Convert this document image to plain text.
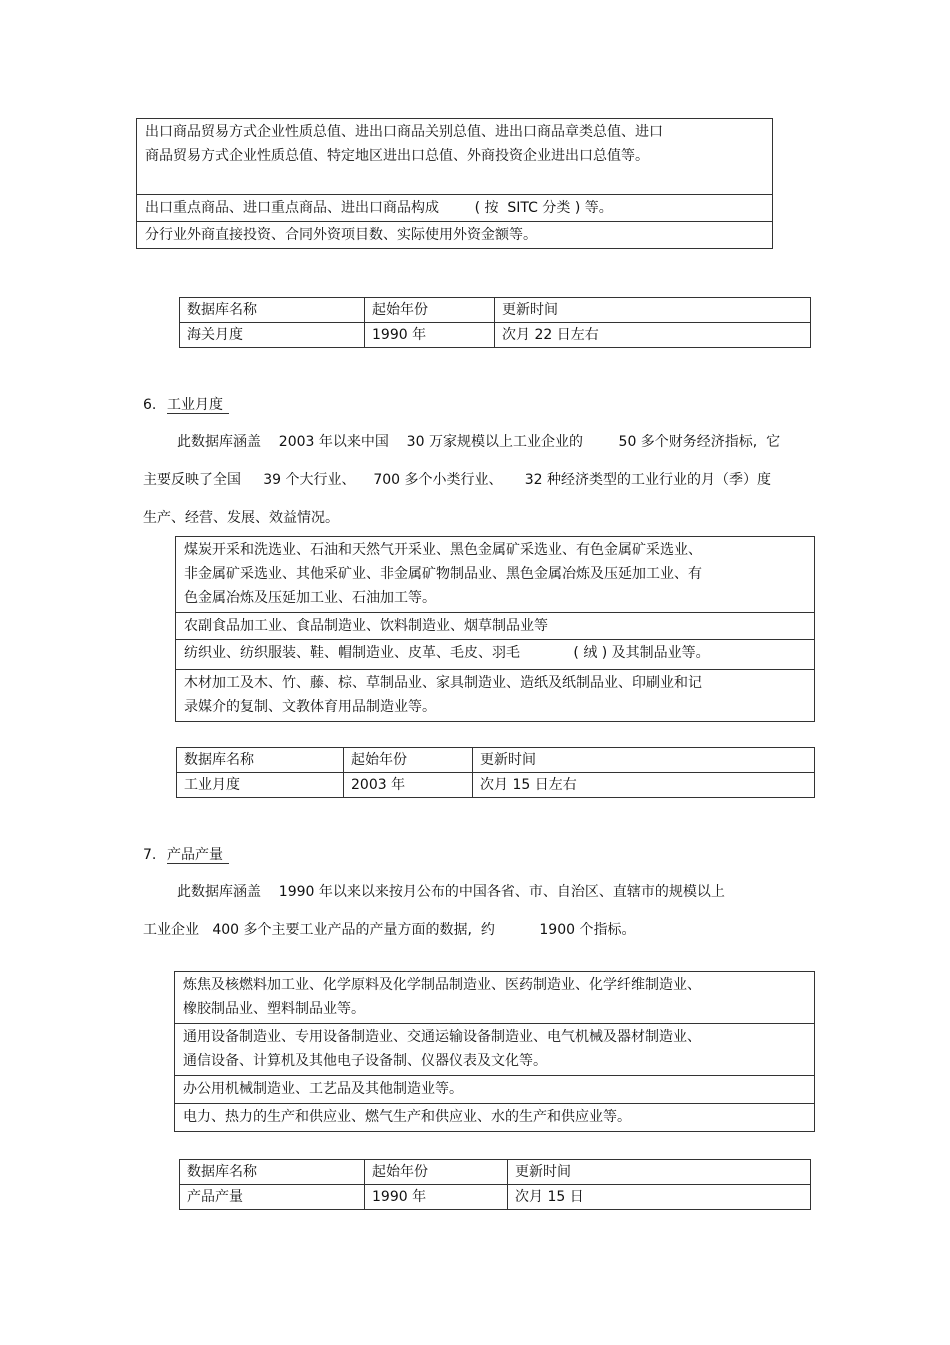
出口商品贸易方式企业性质总值、进出口商品关别总值、进出口商品章类总值、进口
商品贸易方式企业性质总值、特定地区进出口总值、外商投资企业进出口总值等。
出口重点商品、进口重点商品、进出口商品构成        ( 按  SITC 分类 ) 等。
分行业外商直接投资、合同外资项目数、实际使用外资金额等。
数据库名称	起始年份	更新时间
海关月度	1990 年	次月 22 日左右
6. 工业月度
此数据库涵盖    2003 年以来中国    30 万家规模以上工业企业的        50 多个财务经济指标,  它
主要反映了全国     39 个大行业、    700 多个小类行业、     32 种经济类型的工业行业的月（季）度
生产、经营、发展、效益情况。
煤炭开采和洗选业、石油和天然气开采业、黑色金属矿采选业、有色金属矿采选业、
非金属矿采选业、其他采矿业、非金属矿物制品业、黑色金属冶炼及压延加工业、有
色金属冶炼及压延加工业、石油加工等。
农副食品加工业、食品制造业、饮料制造业、烟草制品业等
纺织业、纺织服装、鞋、帽制造业、皮革、毛皮、羽毛            ( 绒 ) 及其制品业等。
木材加工及木、竹、藤、棕、草制品业、家具制造业、造纸及纸制品业、印刷业和记
录媒介的复制、文教体育用品制造业等。
数据库名称	起始年份	更新时间
工业月度	2003 年	次月 15 日左右
7. 产品产量
此数据库涵盖    1990 年以来以来按月公布的中国各省、市、自治区、直辖市的规模以上
工业企业   400 多个主要工业产品的产量方面的数据,  约          1900 个指标。
炼焦及核燃料加工业、化学原料及化学制品制造业、医药制造业、化学纤维制造业、
橡胶制品业、塑料制品业等。
通用设备制造业、专用设备制造业、交通运输设备制造业、电气机械及器材制造业、
通信设备、计算机及其他电子设备制、仪器仪表及文化等。
办公用机械制造业、工艺品及其他制造业等。
电力、热力的生产和供应业、燃气生产和供应业、水的生产和供应业等。
数据库名称	起始年份	更新时间
产品产量	1990 年	次月 15 日
